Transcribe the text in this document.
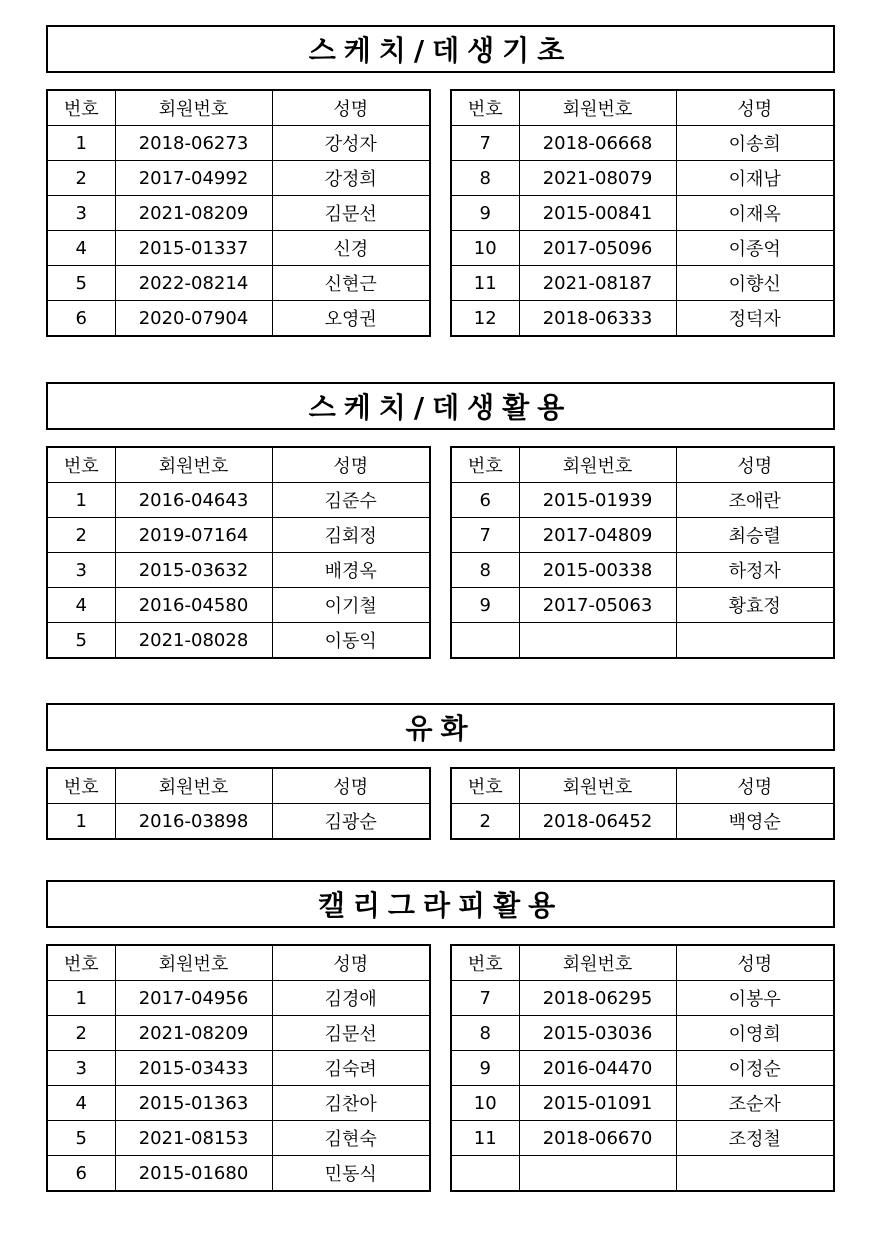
스케치/데생기초
번호	회원번호	성명
1	2018-06273	강성자
2	2017-04992	강정희
3	2021-08209	김문선
4	2015-01337	신경
5	2022-08214	신현근
6	2020-07904	오영권
번호	회원번호	성명
7	2018-06668	이송희
8	2021-08079	이재남
9	2015-00841	이재옥
10	2017-05096	이종억
11	2021-08187	이향신
12	2018-06333	정덕자
스케치/데생활용
번호	회원번호	성명
1	2016-04643	김준수
2	2019-07164	김회정
3	2015-03632	배경옥
4	2016-04580	이기철
5	2021-08028	이동익
번호	회원번호	성명
6	2015-01939	조애란
7	2017-04809	최승렬
8	2015-00338	하정자
9	2017-05063	황효정

유화
번호	회원번호	성명
1	2016-03898	김광순
번호	회원번호	성명
2	2018-06452	백영순
캘리그라피활용
번호	회원번호	성명
1	2017-04956	김경애
2	2021-08209	김문선
3	2015-03433	김숙려
4	2015-01363	김찬아
5	2021-08153	김현숙
6	2015-01680	민동식
번호	회원번호	성명
7	2018-06295	이봉우
8	2015-03036	이영희
9	2016-04470	이정순
10	2015-01091	조순자
11	2018-06670	조정철
